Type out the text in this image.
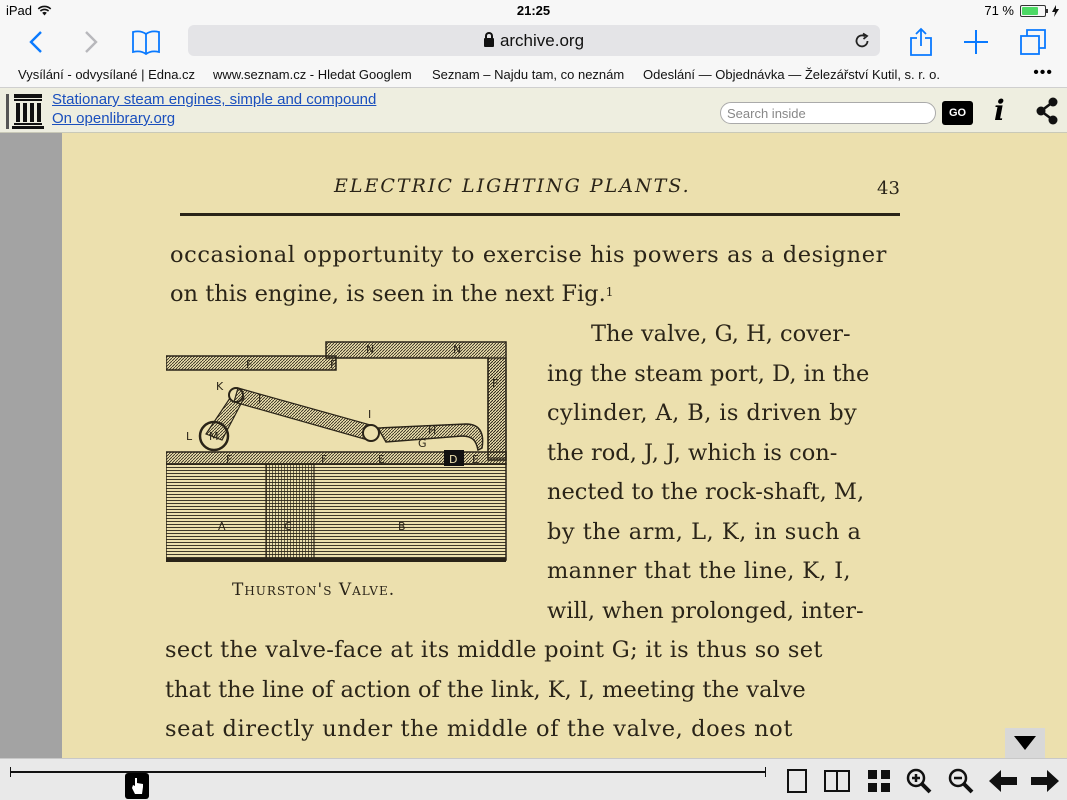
iPad	21:25	71 %
archive.org
Vysílání - odvysílané | Edna.cz www.seznam.cz - Hledat Googlem Seznam – Najdu tam, co neznám Odeslání — Objednávka — Železářství Kutil, s. r. o.	•••
Stationary steam engines, simple and compound
On openlibrary.org
Search inside	GO i
ELECTRIC LIGHTING PLANTS.	43
occasional opportunity to exercise his powers as a designer
on this engine, is seen in the next Fig.$^1$
The valve, G, H, cover-
ing the steam port, D, in the
cylinder, A, B, is driven by
the rod, J, J, which is con-
nected to the rock-shaft, M,
by the arm, L, K, in such a
manner that the line, K, I,
will, when prolonged, inter-
sect the valve-face at its middle point G; it is thus so set
that the line of action of the link, K, I, meeting the valve
seat directly under the middle of the valve, does not
N	N
F	F
F
F	F
K
J
L M
I
H
G
E	E
D
A	C	B
Thurston's Valve.
